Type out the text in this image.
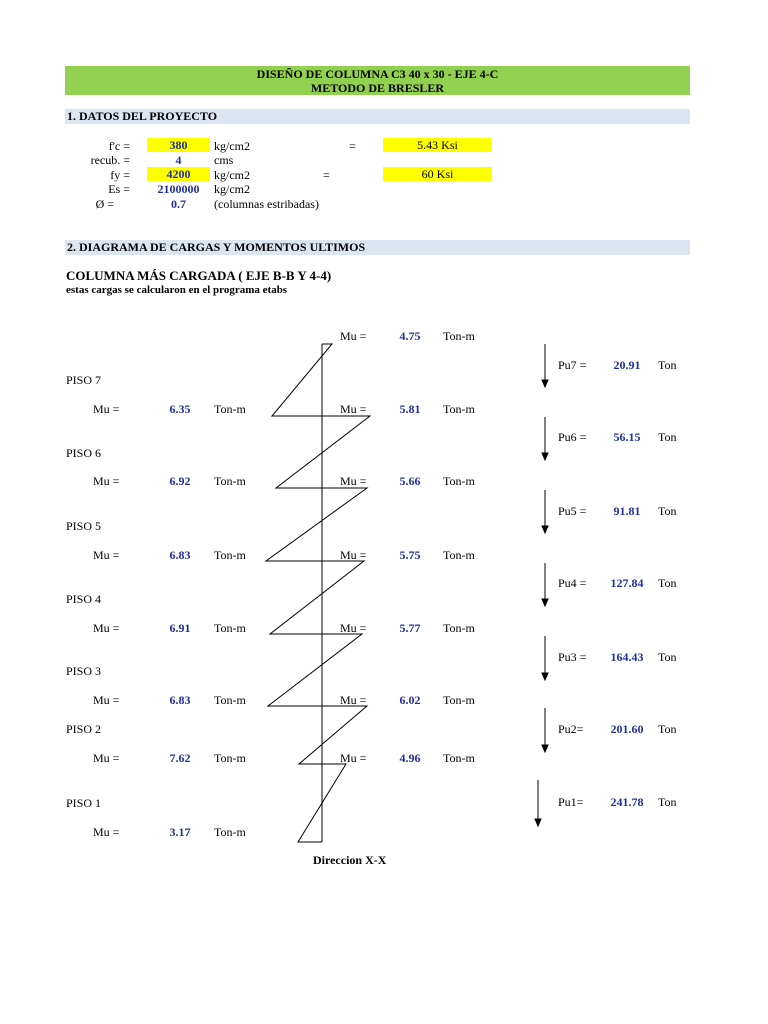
DISEÑO DE COLUMNA C3 40 x 30 - EJE 4-C
METODO DE BRESLER
1. DATOS DEL PROYECTO
f'c =	380	kg/cm2	=	5.43 Ksi
recub. =	4	cms
fy =	4200	kg/cm2	=	60 Ksi
Es =	2100000	kg/cm2
Ø =	0.7	(columnas estribadas)
2. DIAGRAMA DE CARGAS Y MOMENTOS ULTIMOS
COLUMNA MÁS CARGADA ( EJE B-B Y 4-4)
estas cargas se calcularon en el programa etabs
Mu =	4.75	Ton-m
PISO 7
Mu =	6.35	Ton-m	Mu =	5.81	Ton-m
Pu7 =	20.91	Ton
PISO 6
Mu =	6.92	Ton-m	Mu =	5.66	Ton-m
Pu6 =	56.15	Ton
PISO 5
Mu =	6.83	Ton-m	Mu =	5.75	Ton-m
Pu5 =	91.81	Ton
PISO 4
Mu =	6.91	Ton-m	Mu =	5.77	Ton-m
Pu4 =	127.84	Ton
PISO 3
Mu =	6.83	Ton-m	Mu =	6.02	Ton-m
Pu3 =	164.43	Ton
PISO 2
Mu =	7.62	Ton-m	Mu =	4.96	Ton-m
Pu2=	201.60	Ton
PISO 1
Mu =	3.17	Ton-m
Pu1=	241.78	Ton
Direccion X-X
